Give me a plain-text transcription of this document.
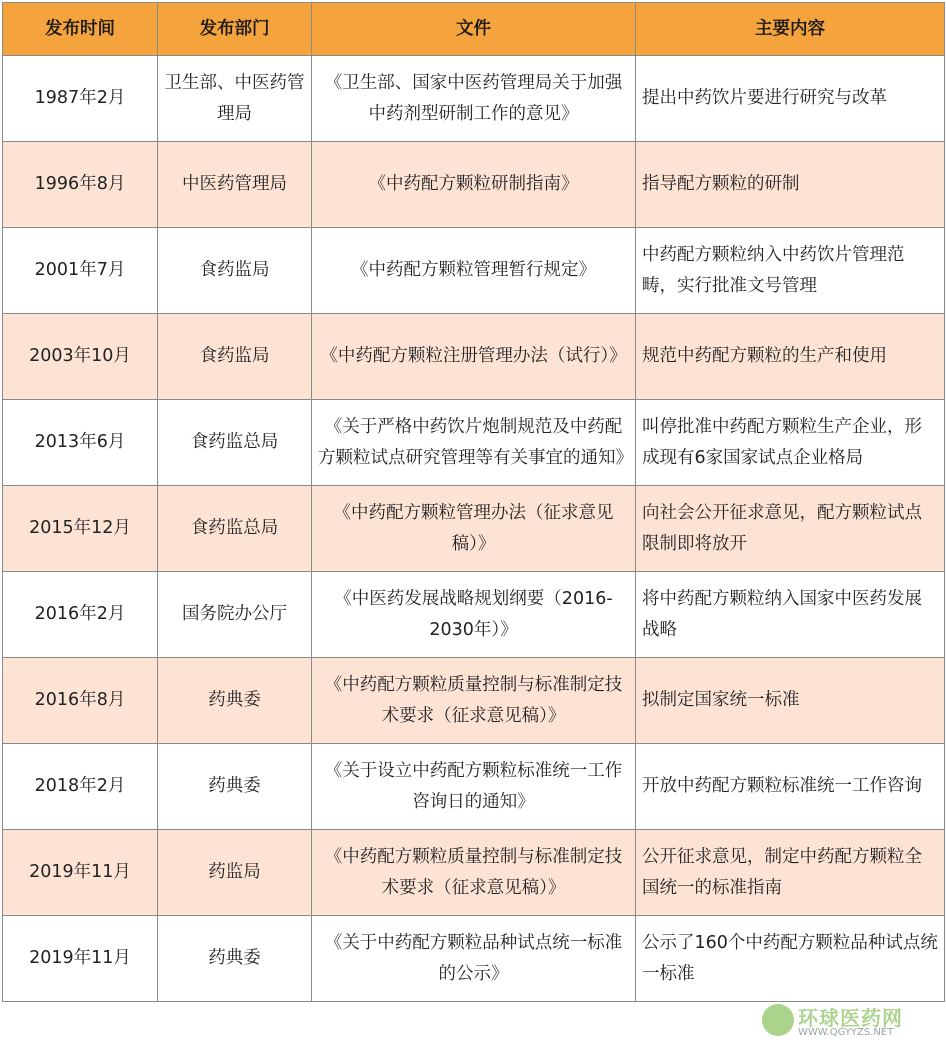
发布时间	发布部门	文件	主要内容
1987年2月	卫生部、中医药管理局	《卫生部、国家中医药管理局关于加强中药剂型研制工作的意见》	提出中药饮片要进行研究与改革
1996年8月	中医药管理局	《中药配方颗粒研制指南》	指导配方颗粒的研制
2001年7月	食药监局	《中药配方颗粒管理暂行规定》	中药配方颗粒纳入中药饮片管理范畴，实行批准文号管理
2003年10月	食药监局	《中药配方颗粒注册管理办法（试行）》	规范中药配方颗粒的生产和使用
2013年6月	食药监总局	《关于严格中药饮片炮制规范及中药配方颗粒试点研究管理等有关事宜的通知》	叫停批准中药配方颗粒生产企业，形成现有6家国家试点企业格局
2015年12月	食药监总局	《中药配方颗粒管理办法（征求意见稿）》	向社会公开征求意见，配方颗粒试点限制即将放开
2016年2月	国务院办公厅	《中医药发展战略规划纲要（2016-2030年）》	将中药配方颗粒纳入国家中医药发展战略
2016年8月	药典委	《中药配方颗粒质量控制与标准制定技术要求（征求意见稿）》	拟制定国家统一标准
2018年2月	药典委	《关于设立中药配方颗粒标准统一工作咨询日的通知》	开放中药配方颗粒标准统一工作咨询
2019年11月	药监局	《中药配方颗粒质量控制与标准制定技术要求（征求意见稿）》	公开征求意见，制定中药配方颗粒全国统一的标准指南
2019年11月	药典委	《关于中药配方颗粒品种试点统一标准的公示》	公示了160个中药配方颗粒品种试点统一标准
环球医药网
WWW.QGYYZS.NET
